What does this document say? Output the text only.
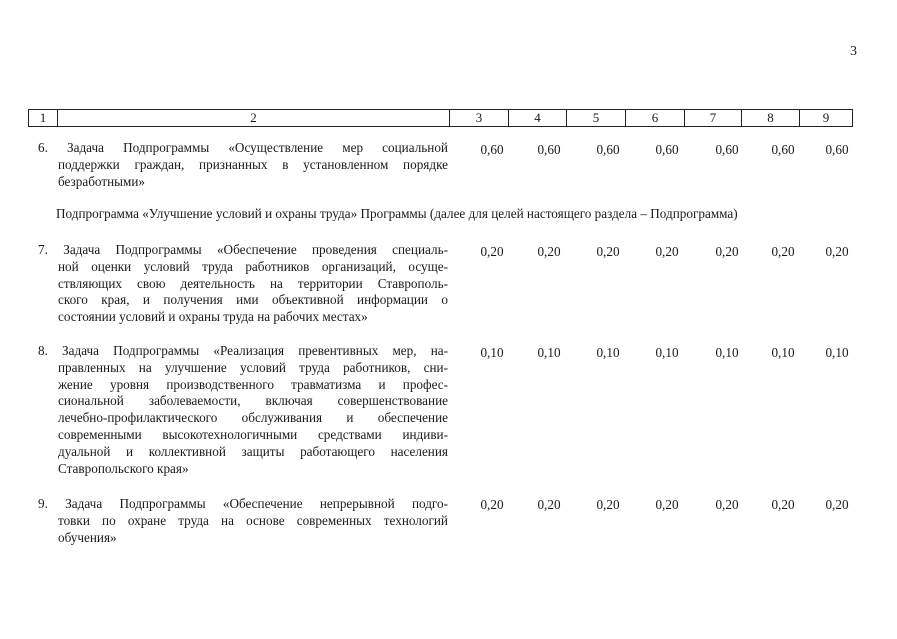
3
1	2	3	4	5	6	7	8	9
6. Задача Подпрограммы «Осуществление мер социальной
поддержки граждан, признанных в установленном порядке
безработными»
0,60	0,60	0,60	0,60	0,60	0,60	0,60
Подпрограмма «Улучшение условий и охраны труда» Программы (далее для целей настоящего раздела – Подпрограмма)
7. Задача Подпрограммы «Обеспечение проведения специаль-
ной оценки условий труда работников организаций, осуще-
ствляющих свою деятельность на территории Ставрополь-
ского края, и получения ими объективной информации о
состоянии условий и охраны труда на рабочих местах»
0,20	0,20	0,20	0,20	0,20	0,20	0,20
8. Задача Подпрограммы «Реализация превентивных мер, на-
правленных на улучшение условий труда работников, сни-
жение уровня производственного травматизма и профес-
сиональной заболеваемости, включая совершенствование
лечебно-профилактического обслуживания и обеспечение
современными высокотехнологичными средствами индиви-
дуальной и коллективной защиты работающего населения
Ставропольского края»
0,10	0,10	0,10	0,10	0,10	0,10	0,10
9. Задача Подпрограммы «Обеспечение непрерывной подго-
товки по охране труда на основе современных технологий
обучения»
0,20	0,20	0,20	0,20	0,20	0,20	0,20
